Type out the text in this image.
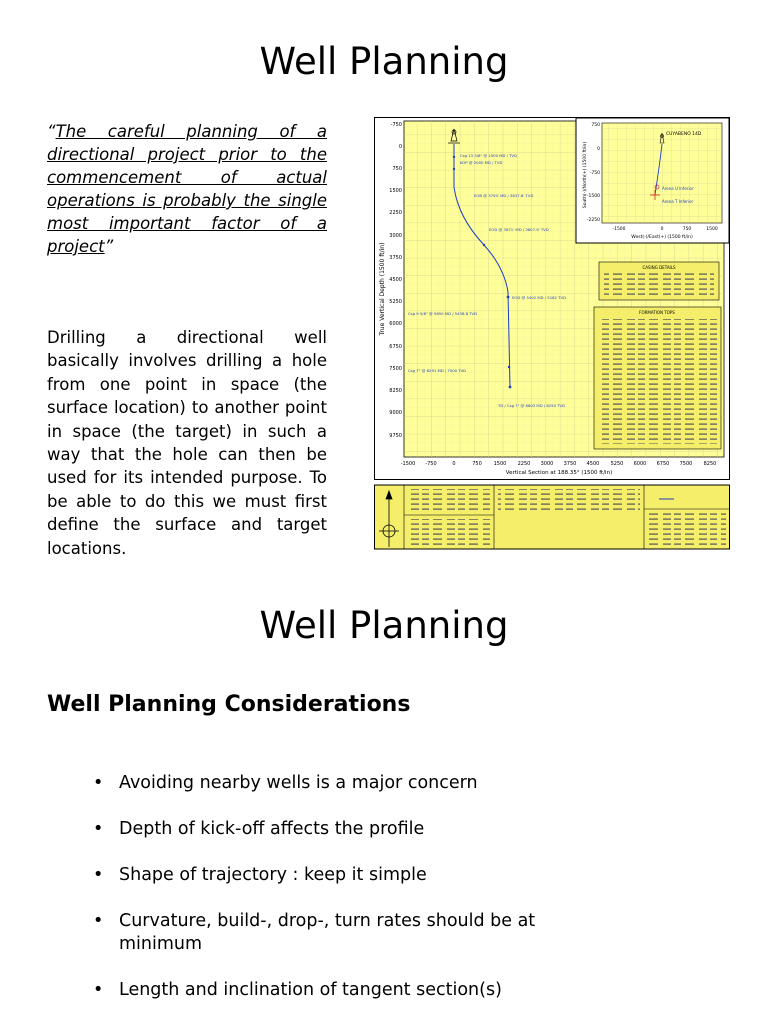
Well Planning
“The careful planning of a directional project prior to the commencement of actual operations is probably the single most important factor of a project”
Drilling a directional well basically involves drilling a hole from one point in space (the surface location) to another point in space (the target) in such a way that the hole can then be used for its intended purpose. To be able to do this we must first define the surface and target locations.
True Vertical Depth (1500 ft/in)
-750
0
750
1500
2250
3000
3750
4500
5250
6000
6750
7500
8250
9000
9750
-1500 -750	0	750 1500 2250 3000 3750 4500 5250 6000 6750 7500 8250
Vertical Section at 188.35° (1500 ft/in)
Csg 13 3/8" @ 1500 MD / TVD
KOP @ 2000 MD / TVD
EOB @ 3750' MD / 3637.6' TVD
EOD @ 3671' MD / 3807.9' TVD
EOD @ 5402 MD / 5182 TVD
Csg 9 5/8" @ 5650 MD / 5438.8 TVD
Csg 7" @ 8291 MD / 7000 TVD
TD / Csg 7" @ 8603 MD / 8250 TVD
CASING DETAILS
FORMATION TOPS
South(-)/North(+) (1500 ft/in)
750
0
-750
-1500
-2250
-1500	0	750	1500
West(-)/East(+) (1500 ft/in)
CUYABENO 14D
Arena U Inferior
Arena T Inferior
Well Planning
Well Planning Considerations
• Avoiding nearby wells is a major concern
• Depth of kick-off affects the profile
• Shape of trajectory : keep it simple
• Curvature, build-, drop-, turn rates should be at minimum
• Length and inclination of tangent section(s)
